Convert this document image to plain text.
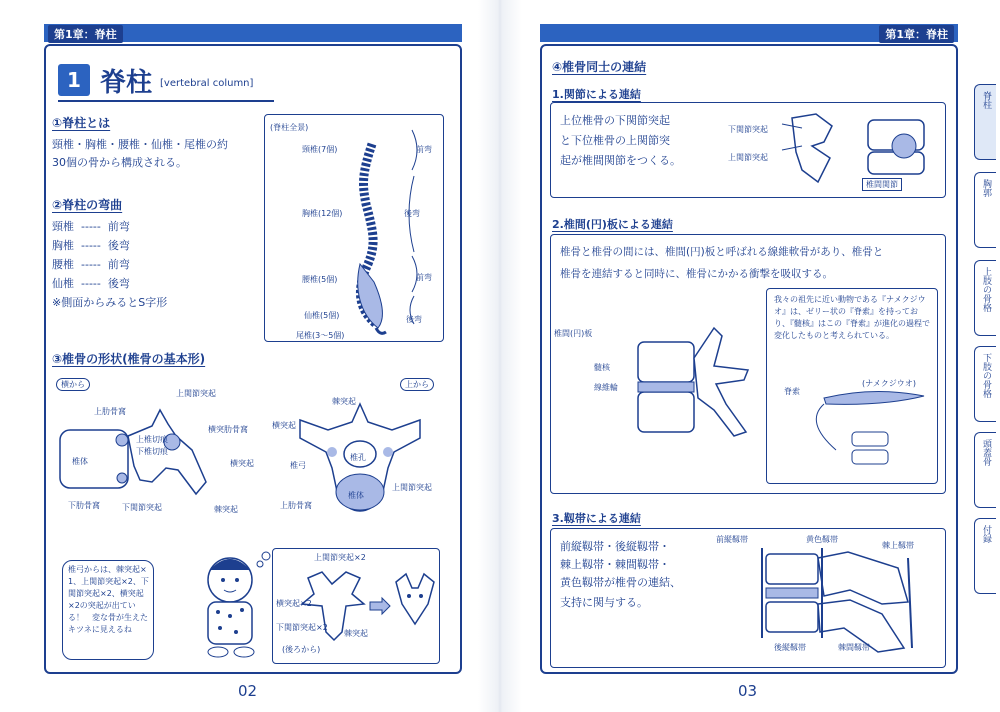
第1章：脊柱
1 脊柱 [vertebral column]
①脊柱とは
頸椎・胸椎・腰椎・仙椎・尾椎の約
30個の骨から構成される。
②脊柱の弯曲
頸椎 ----- 前弯
胸椎 ----- 後弯
腰椎 ----- 前弯
仙椎 ----- 後弯
※側面からみるとS字形
(脊柱全景)
頸椎(7個)
胸椎(12個)
腰椎(5個)
仙椎(5個)
尾椎(3～5個)
前弯
後弯
前弯
後弯
③椎骨の形状(椎骨の基本形)
横から	上から
上関節突起
上肋骨窩
上椎切痕
下椎切痕
横突肋骨窩
椎体	横突起
下肋骨窩	下関節突起	棘突起
棘突起
横突起
椎孔
椎弓
上関節突起
上肋骨窩
椎体
椎弓からは、棘突起×1、上関節突起×2、下関節突起×2、横突起×2の突起が出ている！　変な骨が生えたキツネに見えるね
上関節突起×2
横突起×2
下関節突起×2
棘突起
(後ろから)
02
第1章：脊柱
④椎骨同士の連結
1.関節による連結
上位椎骨の下関節突起
と下位椎骨の上関節突
起が椎間関節をつくる。
下関節突起
上関節突起
椎間関節
2.椎間(円)板による連結
椎骨と椎骨の間には、椎間(円)板と呼ばれる線維軟骨があり、椎骨と
椎骨を連結すると同時に、椎骨にかかる衝撃を吸収する。
椎間(円)板
髄核
線維輪
我々の祖先に近い動物である『ナメクジウオ』は、ゼリー状の『脊索』を持っており、『髄核』はこの『脊索』が進化の過程で変化したものと考えられている。
脊索
(ナメクジウオ)
3.靱帯による連結
前縦靱帯・後縦靱帯・
棘上靱帯・棘間靱帯・
黄色靱帯が椎骨の連結、
支持に関与する。
前縦靱帯	黄色靱帯
棘上靱帯
後縦靱帯	棘間靱帯
03
脊柱
胸郭
上肢の骨格
下肢の骨格
頭蓋骨
付録
